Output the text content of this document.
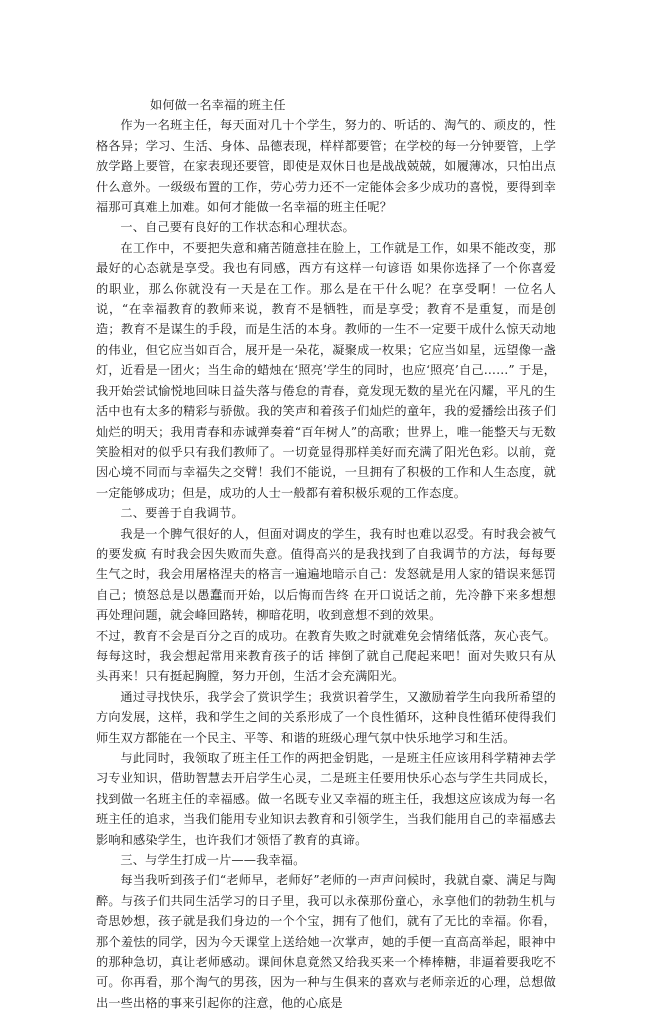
如何做一名幸福的班主任

作为一名班主任，每天面对几十个学生，努力的、听话的、淘气的、顽皮的，性格各异；学习、生活、身体、品德表现，样样都要管；在学校的每一分钟要管，上学放学路上要管，在家表现还要管，即使是双休日也是战战兢兢，如履薄冰，只怕出点什么意外。一级级布置的工作，劳心劳力还不一定能体会多少成功的喜悦，要得到幸福那可真难上加难。如何才能做一名幸福的班主任呢？

一、自己要有良好的工作状态和心理状态。

在工作中，不要把失意和痛苦随意挂在脸上，工作就是工作，如果不能改变，那最好的心态就是享受。我也有同感，西方有这样一句谚语 如果你选择了一个你喜爱的职业，那么你就没有一天是在工作。那么是在干什么呢？在享受啊！一位名人说，“在幸福教育的教师来说，教育不是牺牲，而是享受；教育不是重复，而是创造；教育不是谋生的手段，而是生活的本身。教师的一生不一定要干成什么惊天动地的伟业，但它应当如百合，展开是一朵花，凝聚成一枚果；它应当如星，远望像一盏灯，近看是一团火；当生命的蜡烛在‘照亮’学生的同时，也应‘照亮’自己……” 于是，我开始尝试愉悦地回味日益失落与倦怠的青春，竟发现无数的星光在闪耀，平凡的生活中也有太多的精彩与骄傲。我的笑声和着孩子们灿烂的童年，我的爱播绘出孩子们灿烂的明天；我用青春和赤诚弹奏着“百年树人”的高歌；世界上，唯一能整天与无数笑脸相对的似乎只有我们教师了。一切竟显得那样美好而充满了阳光色彩。以前，竟因心境不同而与幸福失之交臂！我们不能说，一旦拥有了积极的工作和人生态度，就一定能够成功；但是，成功的人士一般都有着积极乐观的工作态度。

二、要善于自我调节。

我是一个脾气很好的人，但面对调皮的学生，我有时也难以忍受。有时我会被气的要发疯 有时我会因失败而失意。值得高兴的是我找到了自我调节的方法，每每要生气之时，我会用屠格涅夫的格言一遍遍地暗示自己：发怒就是用人家的错误来惩罚自己；愤怒总是以愚蠢而开始，以后悔而告终 在开口说话之前，先冷静下来多想想再处理问题，就会峰回路转，柳暗花明，收到意想不到的效果。

不过，教育不会是百分之百的成功。在教育失败之时就难免会情绪低落，灰心丧气。每每这时，我会想起常用来教育孩子的话 摔倒了就自己爬起来吧！面对失败只有从头再来！只有挺起胸膛，努力开创，生活才会充满阳光。

通过寻找快乐，我学会了赏识学生；我赏识着学生，又激励着学生向我所希望的方向发展，这样，我和学生之间的关系形成了一个良性循环，这种良性循环使得我们师生双方都能在一个民主、平等、和谐的班级心理气氛中快乐地学习和生活。

与此同时，我领取了班主任工作的两把金钥匙，一是班主任应该用科学精神去学习专业知识，借助智慧去开启学生心灵，二是班主任要用快乐心态与学生共同成长，找到做一名班主任的幸福感。做一名既专业又幸福的班主任，我想这应该成为每一名班主任的追求，当我们能用专业知识去教育和引领学生，当我们能用自己的幸福感去影响和感染学生，也许我们才领悟了教育的真谛。

三、与学生打成一片——我幸福。

每当我听到孩子们“老师早，老师好”老师的一声声问候时，我就自豪、满足与陶醉。与孩子们共同生活学习的日子里，我可以永葆那份童心，永享他们的勃勃生机与奇思妙想，孩子就是我们身边的一个个宝，拥有了他们，就有了无比的幸福。你看，那个羞怯的同学，因为今天课堂上送给她一次掌声，她的手便一直高高举起，眼神中的那种急切，真让老师感动。课间休息竟然又给我买来一个棒棒糖，非逼着要我吃不可。你再看，那个淘气的男孩，因为一种与生俱来的喜欢与老师亲近的心理，总想做出一些出格的事来引起你的注意，他的心底是
